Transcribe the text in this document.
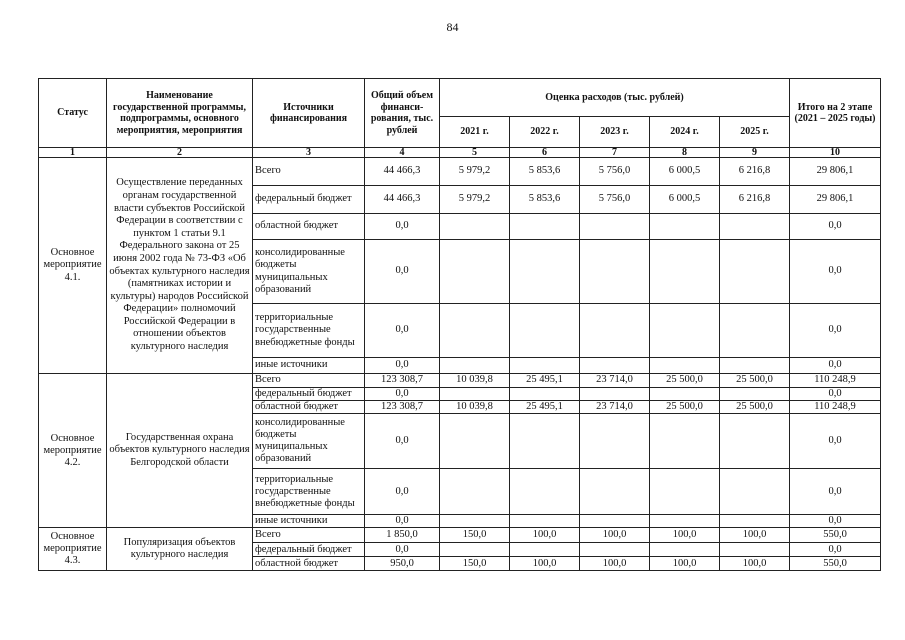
84
Статус	Наименование государственной программы, подпрограммы, основного мероприятия, мероприятия	Источники финансирования	Общий объем финанси-рования, тыс. рублей	Оценка расходов (тыс. рублей)					Итого на 2 этапе (2021 – 2025 годы)
				2021 г.	2022 г.	2023 г.	2024 г.	2025 г.	
1	2	3	4	5	6	7	8	9	10
Основное мероприятие 4.1.	Осуществление переданных органам государственной власти субъектов Российской Федерации в соответствии с пунктом 1 статьи 9.1 Федерального закона от 25 июня 2002 года № 73-ФЗ «Об объектах культурного наследия (памятниках истории и культуры) народов Российской Федерации» полномочий Российской Федерации в отношении объектов культурного наследия	Всего	44 466,3	5 979,2	5 853,6	5 756,0	6 000,5	6 216,8	29 806,1
		федеральный бюджет	44 466,3	5 979,2	5 853,6	5 756,0	6 000,5	6 216,8	29 806,1
		областной бюджет	0,0						0,0
		консолидированные бюджеты муниципальных образований	0,0						0,0
		территориальные государственные внебюджетные фонды	0,0						0,0
		иные источники	0,0						0,0
Основное мероприятие 4.2.	Государственная охрана объектов культурного наследия Белгородской области	Всего	123 308,7	10 039,8	25 495,1	23 714,0	25 500,0	25 500,0	110 248,9
		федеральный бюджет	0,0						0,0
		областной бюджет	123 308,7	10 039,8	25 495,1	23 714,0	25 500,0	25 500,0	110 248,9
		консолидированные бюджеты муниципальных образований	0,0						0,0
		территориальные государственные внебюджетные фонды	0,0						0,0
		иные источники	0,0						0,0
Основное мероприятие 4.3.	Популяризация объектов культурного наследия	Всего	1 850,0	150,0	100,0	100,0	100,0	100,0	550,0
		федеральный бюджет	0,0						0,0
		областной бюджет	950,0	150,0	100,0	100,0	100,0	100,0	550,0
